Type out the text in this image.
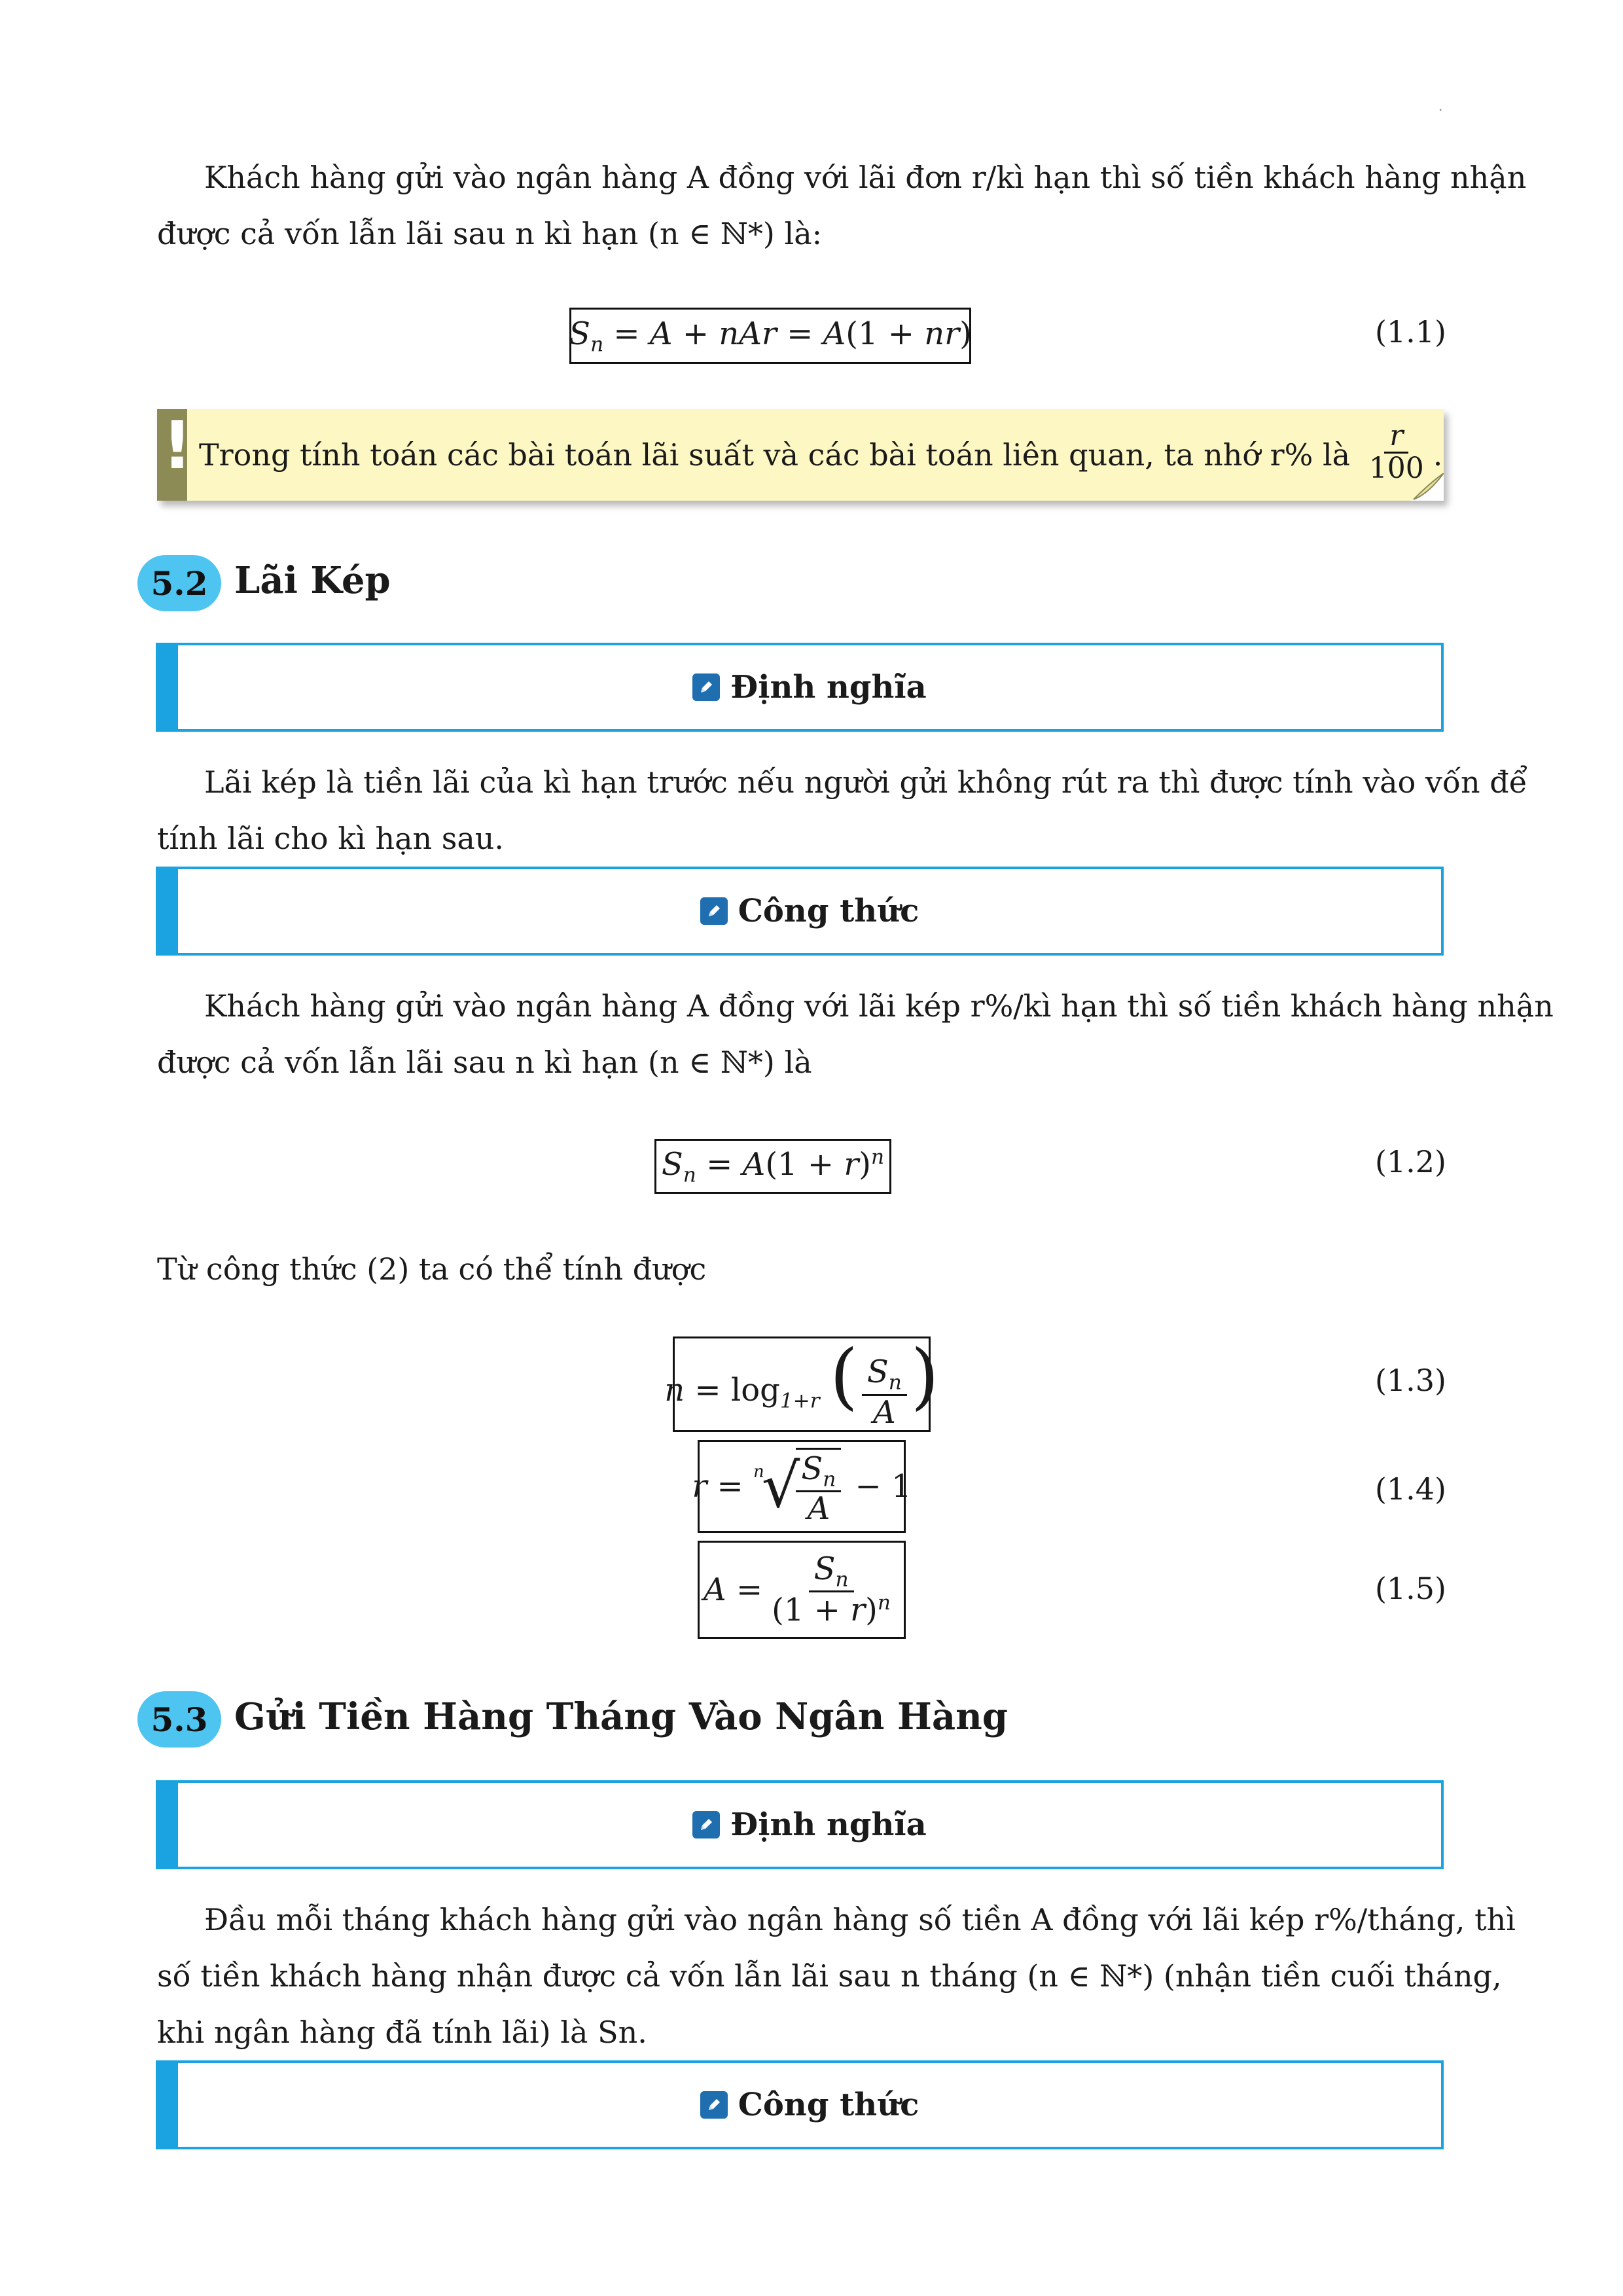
.
Khách hàng gửi vào ngân hàng A đồng với lãi đơn r/kì hạn thì số tiền khách hàng nhận
được cả vốn lẫn lãi sau n kì hạn (n ∈ ℕ*) là:
$S_n = A$ + nAr = A(1 + nr)	(1.1)
! Trong tính toán các bài toán lãi suất và các bài toán liên quan, ta nhớ r% là $\frac{r}{100}$ .
5.2 Lãi Kép
Định nghĩa
Lãi kép là tiền lãi của kì hạn trước nếu người gửi không rút ra thì được tính vào vốn để
tính lãi cho kì hạn sau.
Công thức
Khách hàng gửi vào ngân hàng A đồng với lãi kép r%/kì hạn thì số tiền khách hàng nhận
được cả vốn lẫn lãi sau n kì hạn (n ∈ ℕ*) là
$S_n = A(1 + r)^n$	(1.2)
Từ công thức (2) ta có thể tính được
$n = \log_{1+r}$ ( $\frac{S_n}{A}$ )	(1.3)
r = $^n$
√
$\frac{S_n}{A} - 1$	(1.4)
$A = \frac{S_n}{(1 + r)^n}$	(1.5)
5.3 Gửi Tiền Hàng Tháng Vào Ngân Hàng
Định nghĩa
Đầu mỗi tháng khách hàng gửi vào ngân hàng số tiền A đồng với lãi kép r%/tháng, thì
số tiền khách hàng nhận được cả vốn lẫn lãi sau n tháng (n ∈ ℕ*) (nhận tiền cuối tháng,
khi ngân hàng đã tính lãi) là Sn.
Công thức
